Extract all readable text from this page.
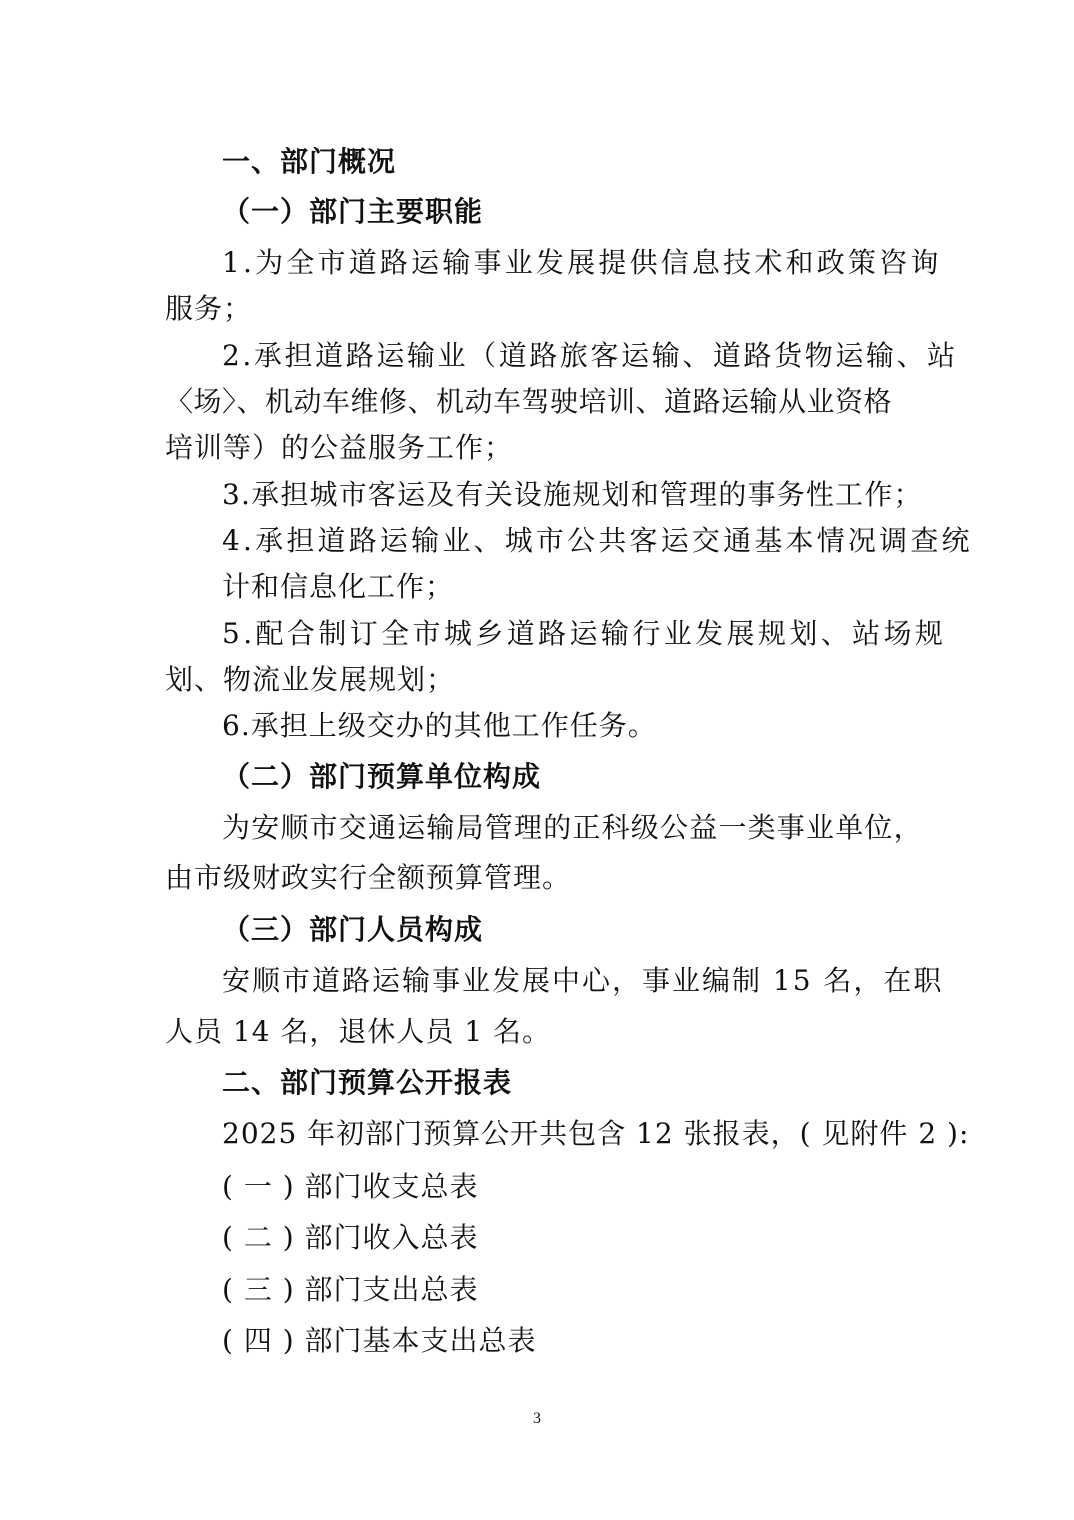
一、部门概况
（一）部门主要职能
1.为全市道路运输事业发展提供信息技术和政策咨询
服务；
2.承担道路运输业（道路旅客运输、道路货物运输、站
〈场〉、机动车维修、机动车驾驶培训、道路运输从业资格
培训等）的公益服务工作；
3.承担城市客运及有关设施规划和管理的事务性工作；
4.承担道路运输业、城市公共客运交通基本情况调查统
计和信息化工作；
5.配合制订全市城乡道路运输行业发展规划、站场规
划、物流业发展规划；
6.承担上级交办的其他工作任务。
（二）部门预算单位构成
为安顺市交通运输局管理的正科级公益一类事业单位，
由市级财政实行全额预算管理。
（三）部门人员构成
安顺市道路运输事业发展中心，事业编制 15 名，在职
人员 14 名，退休人员 1 名。
二、部门预算公开报表
2025 年初部门预算公开共包含 12 张报表，( 见附件 2 ):
( 一 ) 部门收支总表
( 二 ) 部门收入总表
( 三 ) 部门支出总表
( 四 ) 部门基本支出总表
3
